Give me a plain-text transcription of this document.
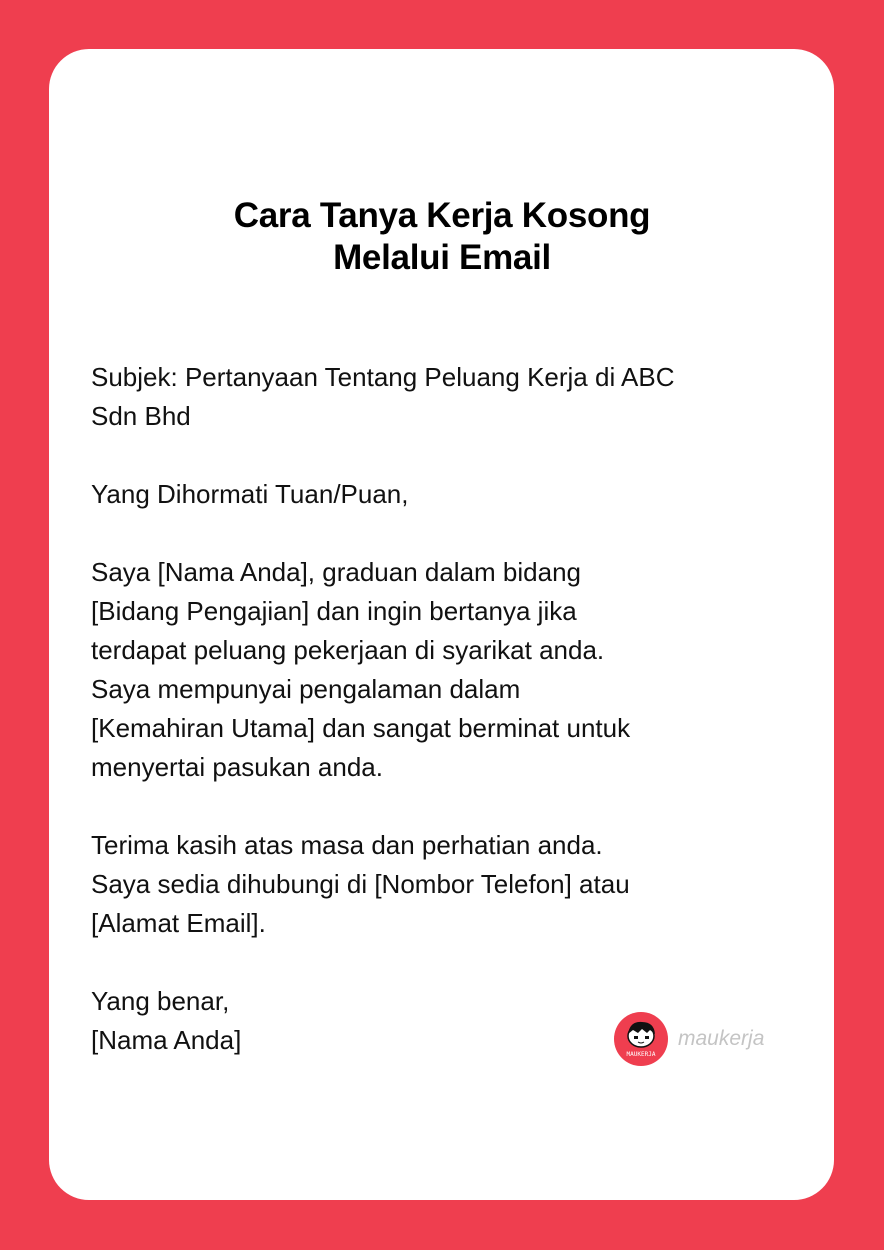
Cara Tanya Kerja Kosong
Melalui Email
Subjek: Pertanyaan Tentang Peluang Kerja di ABC
Sdn Bhd
Yang Dihormati Tuan/Puan,
Saya [Nama Anda], graduan dalam bidang
[Bidang Pengajian] dan ingin bertanya jika
terdapat peluang pekerjaan di syarikat anda.
Saya mempunyai pengalaman dalam
[Kemahiran Utama] dan sangat berminat untuk
menyertai pasukan anda.
Terima kasih atas masa dan perhatian anda.
Saya sedia dihubungi di [Nombor Telefon] atau
[Alamat Email].
Yang benar,
[Nama Anda]	MAUKERJA
maukerja
